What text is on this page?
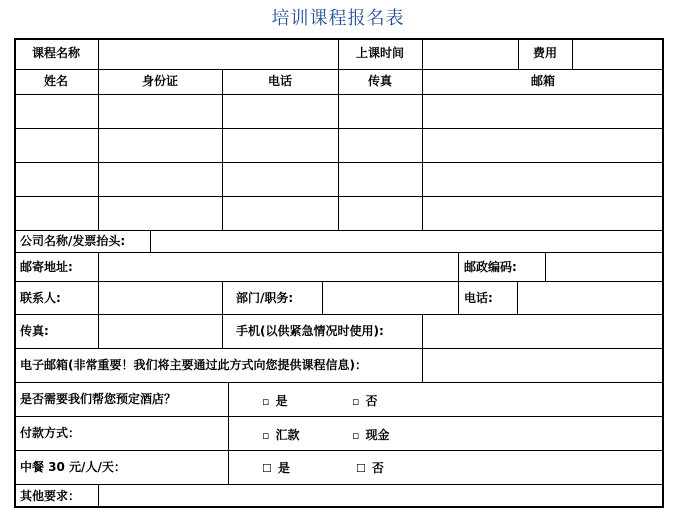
培训课程报名表
课程名称	上课时间	费用
姓名	身份证	电话	传真	邮箱
公司名称/发票抬头:
邮寄地址:	邮政编码:
联系人:	部门/职务:	电话:
传真:	手机(以供紧急情况时使用):
电子邮箱(非常重要！我们将主要通过此方式向您提供课程信息)：
是否需要我们帮您预定酒店？	▫ 是	▫ 否
付款方式：	▫ 汇款	▫ 现金
中餐 30 元/人/天：	☐ 是	☐ 否
其他要求：
